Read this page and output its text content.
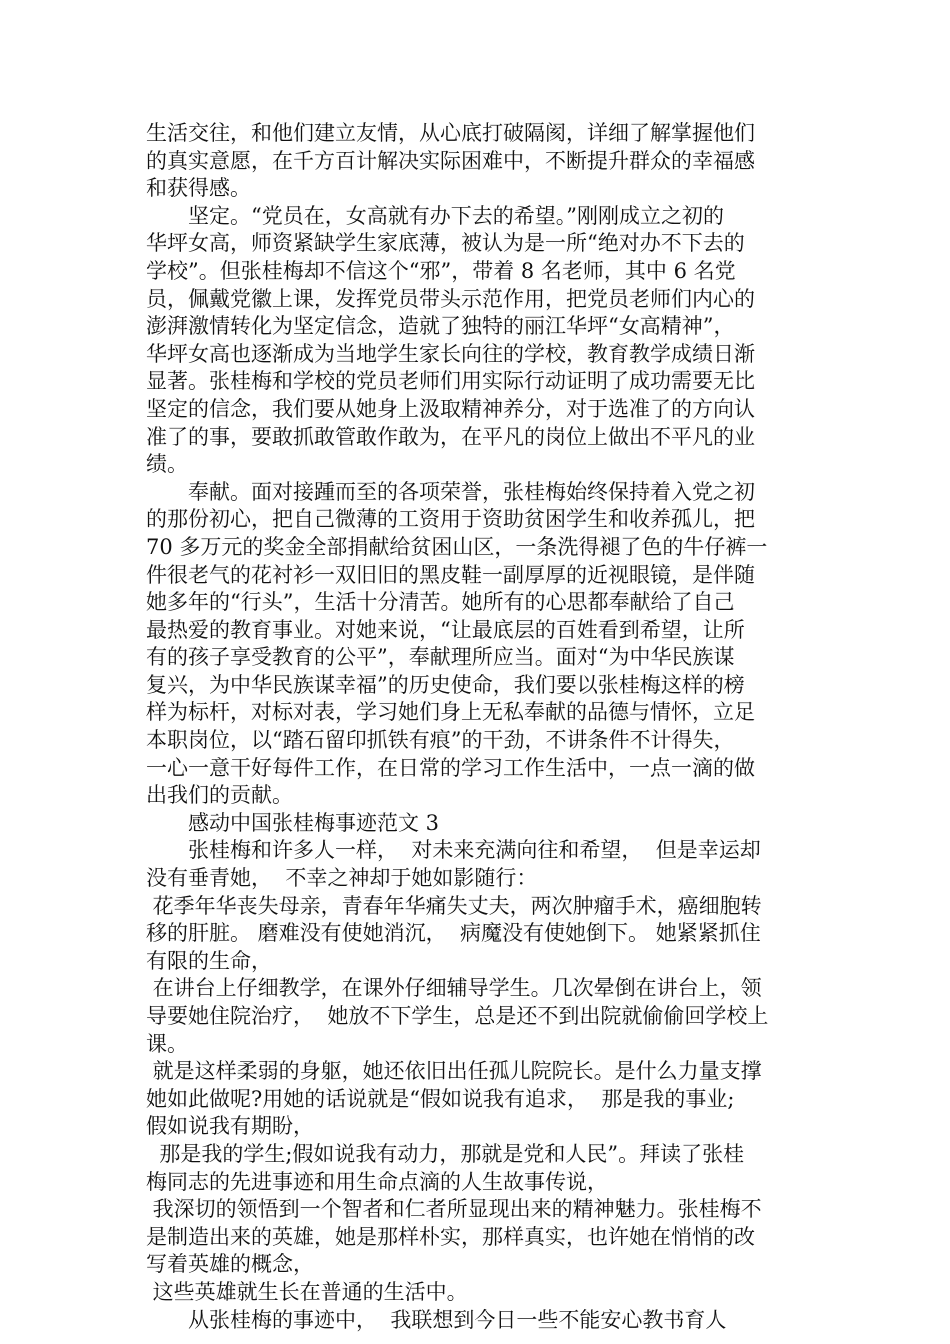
生活交往，和他们建立友情，从心底打破隔阂，详细了解掌握他们
的真实意愿，在千方百计解决实际困难中，不断提升群众的幸福感
和获得感。
　　坚定。“党员在，女高就有办下去的希望。”刚刚成立之初的
华坪女高，师资紧缺学生家底薄，被认为是一所“绝对办不下去的
学校”。但张桂梅却不信这个“邪”，带着 8 名老师，其中 6 名党
员，佩戴党徽上课，发挥党员带头示范作用，把党员老师们内心的
澎湃激情转化为坚定信念，造就了独特的丽江华坪“女高精神”，
华坪女高也逐渐成为当地学生家长向往的学校，教育教学成绩日渐
显著。张桂梅和学校的党员老师们用实际行动证明了成功需要无比
坚定的信念，我们要从她身上汲取精神养分，对于选准了的方向认
准了的事，要敢抓敢管敢作敢为，在平凡的岗位上做出不平凡的业
绩。
　　奉献。面对接踵而至的各项荣誉，张桂梅始终保持着入党之初
的那份初心，把自己微薄的工资用于资助贫困学生和收养孤儿，把
70 多万元的奖金全部捐献给贫困山区，一条洗得褪了色的牛仔裤一
件很老气的花衬衫一双旧旧的黑皮鞋一副厚厚的近视眼镜，是伴随
她多年的“行头”，生活十分清苦。她所有的心思都奉献给了自己
最热爱的教育事业。对她来说，“让最底层的百姓看到希望，让所
有的孩子享受教育的公平”，奉献理所应当。面对“为中华民族谋
复兴，为中华民族谋幸福”的历史使命，我们要以张桂梅这样的榜
样为标杆，对标对表，学习她们身上无私奉献的品德与情怀，立足
本职岗位，以“踏石留印抓铁有痕”的干劲，不讲条件不计得失，
一心一意干好每件工作，在日常的学习工作生活中，一点一滴的做
出我们的贡献。
　　感动中国张桂梅事迹范文 3
　　张桂梅和许多人一样，  对未来充满向往和希望，  但是幸运却
没有垂青她，  不幸之神却于她如影随行：
花季年华丧失母亲，青春年华痛失丈夫，两次肿瘤手术，癌细胞转
移的肝脏。 磨难没有使她消沉，  病魔没有使她倒下。 她紧紧抓住
有限的生命，
在讲台上仔细教学，在课外仔细辅导学生。几次晕倒在讲台上，领
导要她住院治疗，  她放不下学生，总是还不到出院就偷偷回学校上
课。
就是这样柔弱的身躯，她还依旧出任孤儿院院长。是什么力量支撑
她如此做呢?用她的话说就是“假如说我有追求，  那是我的事业;
假如说我有期盼，
那是我的学生;假如说我有动力，那就是党和人民”。拜读了张桂
梅同志的先进事迹和用生命点滴的人生故事传说，
我深切的领悟到一个智者和仁者所显现出来的精神魅力。张桂梅不
是制造出来的英雄，她是那样朴实，那样真实，也许她在悄悄的改
写着英雄的概念，
这些英雄就生长在普通的生活中。
　　从张桂梅的事迹中，  我联想到今日一些不能安心教书育人
